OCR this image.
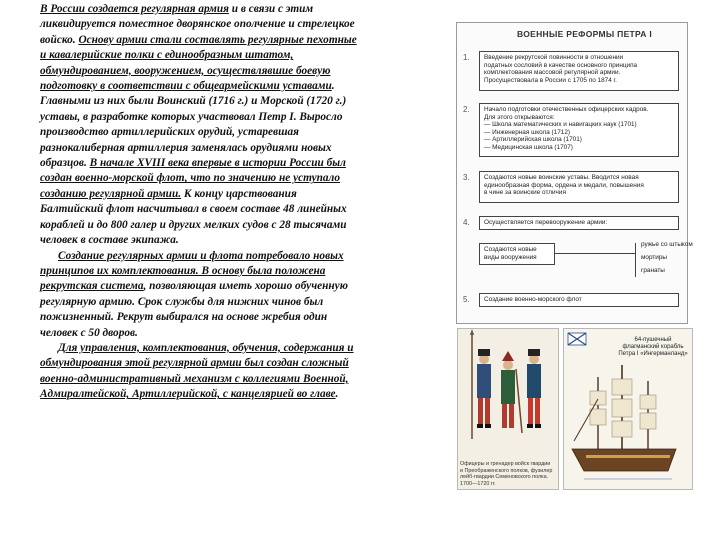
В России создается регулярная армия и в связи с этим
ликвидируется поместное дворянское ополчение и стрелецкое
войско. Основу армии стали составлять регулярные пехотные
и кавалерийские полки с единообразным штатом,
обмундированием, вооружением, осуществлявшие боевую
подготовку в соответствии с общеармейскими уставами.
Главными из них были Воинский (1716 г.) и Морской (1720 г.)
уставы, в разработке которых участвовал Петр I. Выросло
производство артиллерийских орудий, устаревшая
разнокалиберная артиллерия заменялась орудиями новых
образцов. В начале XVIII века впервые в истории России был
создан военно-морской флот, что по значению не уступало
созданию регулярной армии. К концу царствования
Балтийский флот насчитывал в своем составе 48 линейных
кораблей и до 800 галер и других мелких судов с 28 тысячами
человек в составе экипажа.
Создание регулярных армии и флота потребовало новых
принципов их комплектования. В основу была положена
рекрутская система, позволяющая иметь хорошо обученную
регулярную армию. Срок службы для нижних чинов был
пожизненный. Рекрут выбирался на основе жребия один
человек с 50 дворов.
Для управления, комплектования, обучения, содержания и
обмундирования этой регулярной армии был создан сложный
военно-административный механизм с коллегиями Военной,
Адмиралтейской, Артиллерийской, с канцелярией во главе.
ВОЕННЫЕ РЕФОРМЫ ПЕТРА I
1. Введение рекрутской повинности в отношении
податных сословий в качестве основного принципа
комплектования массовой регулярной армии.
Просуществовала в России с 1705 по 1874 г.
2. Начало подготовки отечественных офицерских кадров.
Для этого открываются:
— Школа математических и навигацких наук (1701)
— Инженерная школа (1712)
— Артиллерийская школа (1701)
— Медицинская школа (1707)
3. Создаются новые воинские уставы. Вводится новая
единообразная форма, ордена и медали, повышения
в чине за воинские отличия
4. Осуществляется перевооружение армии:
Создаются новые
виды вооружения
ружье со штыком
мортиры
гранаты
5. Создание военно-морского флот
Офицеры и гренадер войск гвардии и Преображенского полков, фузилер лейб-гвардии Семеновского полка. 1700—1720 гг.
64-пушечный флагманский корабль Петра I «Ингерманланд»
